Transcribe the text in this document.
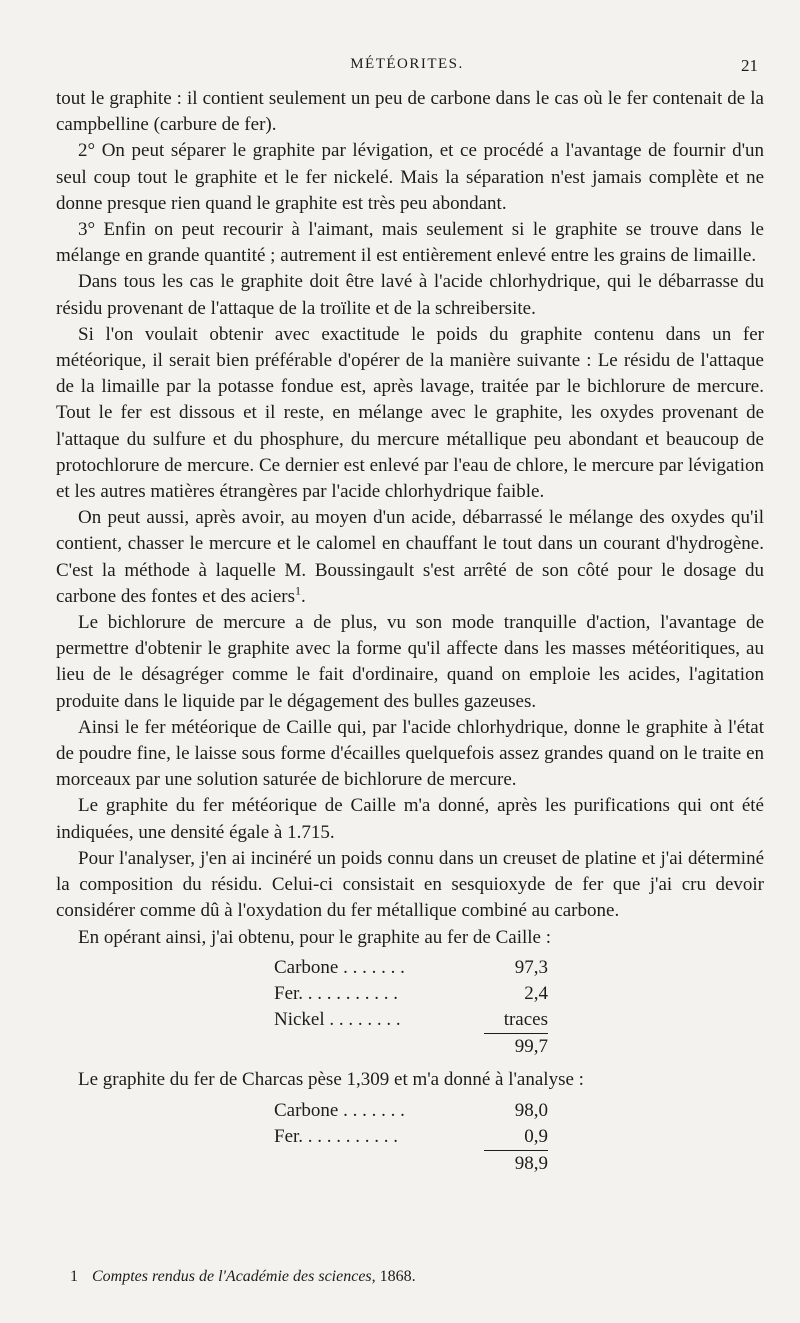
MÉTÉORITES.	21

tout le graphite : il contient seulement un peu de carbone dans le cas où le fer contenait de la campbelline (carbure de fer).

2° On peut séparer le graphite par lévigation, et ce procédé a l'avantage de fournir d'un seul coup tout le graphite et le fer nickelé. Mais la séparation n'est jamais complète et ne donne presque rien quand le graphite est très peu abondant.

3° Enfin on peut recourir à l'aimant, mais seulement si le graphite se trouve dans le mélange en grande quantité ; autrement il est entièrement enlevé entre les grains de limaille.

Dans tous les cas le graphite doit être lavé à l'acide chlorhydrique, qui le débarrasse du résidu provenant de l'attaque de la troïlite et de la schreibersite.

Si l'on voulait obtenir avec exactitude le poids du graphite contenu dans un fer météorique, il serait bien préférable d'opérer de la manière suivante : Le résidu de l'attaque de la limaille par la potasse fondue est, après lavage, traitée par le bichlorure de mercure. Tout le fer est dissous et il reste, en mélange avec le graphite, les oxydes provenant de l'attaque du sulfure et du phosphure, du mercure métallique peu abondant et beaucoup de protochlorure de mercure. Ce dernier est enlevé par l'eau de chlore, le mercure par lévigation et les autres matières étrangères par l'acide chlorhydrique faible.

On peut aussi, après avoir, au moyen d'un acide, débarrassé le mélange des oxydes qu'il contient, chasser le mercure et le calomel en chauffant le tout dans un courant d'hydrogène. C'est la méthode à laquelle M. Boussingault s'est arrêté de son côté pour le dosage du carbone des fontes et des aciers$^1$.

Le bichlorure de mercure a de plus, vu son mode tranquille d'action, l'avantage de permettre d'obtenir le graphite avec la forme qu'il affecte dans les masses météoritiques, au lieu de le désagréger comme le fait d'ordinaire, quand on emploie les acides, l'agitation produite dans le liquide par le dégagement des bulles gazeuses.

Ainsi le fer météorique de Caille qui, par l'acide chlorhydrique, donne le graphite à l'état de poudre fine, le laisse sous forme d'écailles quelquefois assez grandes quand on le traite en morceaux par une solution saturée de bichlorure de mercure.

Le graphite du fer météorique de Caille m'a donné, après les purifications qui ont été indiquées, une densité égale à 1.715.

Pour l'analyser, j'en ai incinéré un poids connu dans un creuset de platine et j'ai déterminé la composition du résidu. Celui-ci consistait en sesquioxyde de fer que j'ai cru devoir considérer comme dû à l'oxydation du fer métallique combiné au carbone.

En opérant ainsi, j'ai obtenu, pour le graphite au fer de Caille :

Carbone . . . . . . .	97,3
Fer. . . . . . . . . . .	2,4
Nickel . . . . . . . .	traces
99,7

Le graphite du fer de Charcas pèse 1,309 et m'a donné à l'analyse :

Carbone . . . . . . .	98,0
Fer. . . . . . . . . . .	0,9
98,9
1 Comptes rendus de l'Académie des sciences, 1868.
